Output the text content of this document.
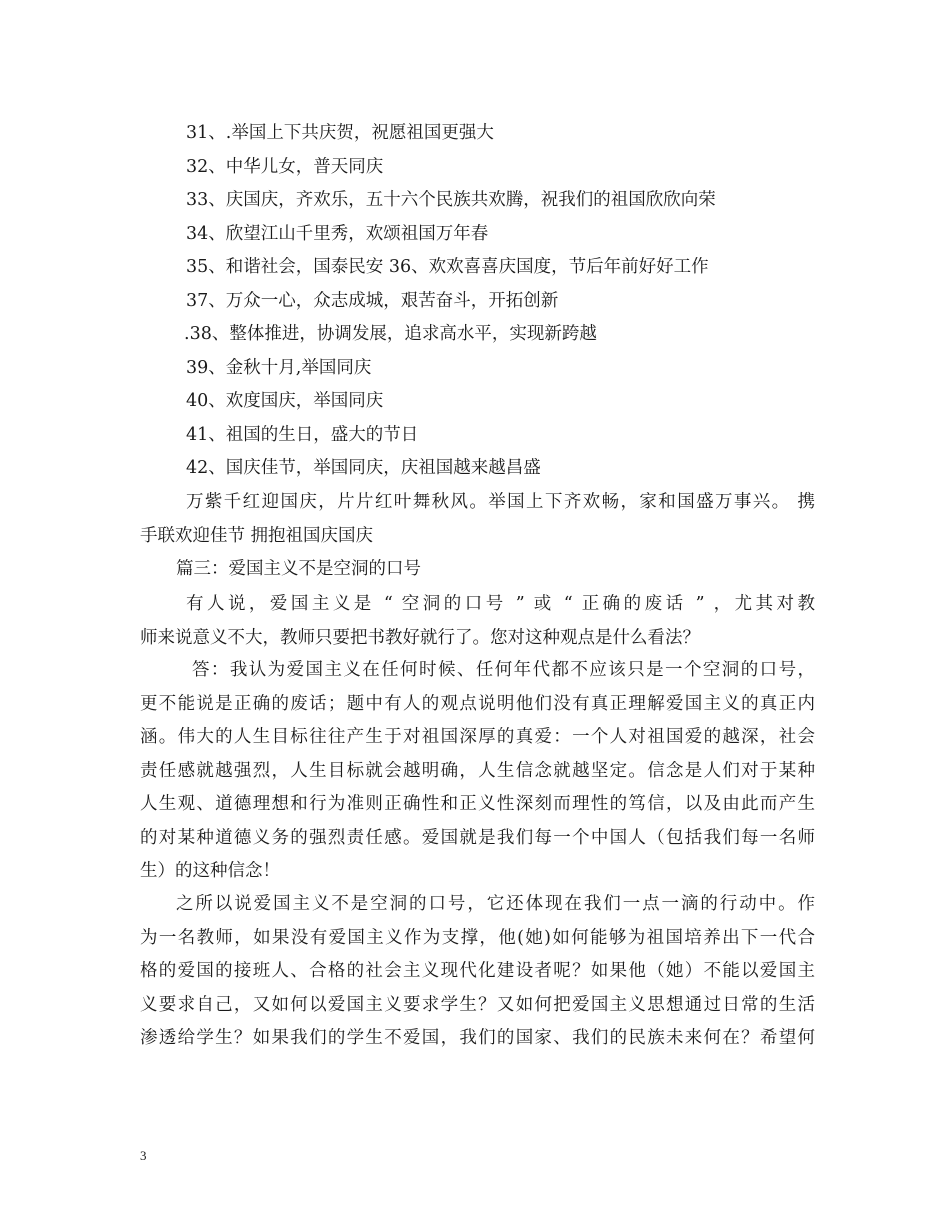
31、.举国上下共庆贺，祝愿祖国更强大
32、中华儿女，普天同庆
33、庆国庆，齐欢乐，五十六个民族共欢腾，祝我们的祖国欣欣向荣
34、欣望江山千里秀，欢颂祖国万年春
35、和谐社会，国泰民安 36、欢欢喜喜庆国度，节后年前好好工作
37、万众一心，众志成城，艰苦奋斗，开拓创新
.38、整体推进，协调发展，追求高水平，实现新跨越
39、金秋十月,举国同庆
40、欢度国庆，举国同庆
41、祖国的生日，盛大的节日
42、国庆佳节，举国同庆，庆祖国越来越昌盛
万紫千红迎国庆，片片红叶舞秋风。举国上下齐欢畅，家和国盛万事兴。 携
手联欢迎佳节 拥抱祖国庆国庆
篇三：爱国主义不是空洞的口号
有人说，爱国主义是 “ 空洞的口号 ” 或 “ 正确的废话 ” ，尤其对教
师来说意义不大，教师只要把书教好就行了。您对这种观点是什么看法？
答：我认为爱国主义在任何时候、任何年代都不应该只是一个空洞的口号，
更不能说是正确的废话；题中有人的观点说明他们没有真正理解爱国主义的真正内
涵。伟大的人生目标往往产生于对祖国深厚的真爱：一个人对祖国爱的越深，社会
责任感就越强烈，人生目标就会越明确，人生信念就越坚定。信念是人们对于某种
人生观、道德理想和行为准则正确性和正义性深刻而理性的笃信，以及由此而产生
的对某种道德义务的强烈责任感。爱国就是我们每一个中国人（包括我们每一名师
生）的这种信念！
之所以说爱国主义不是空洞的口号，它还体现在我们一点一滴的行动中。作
为一名教师，如果没有爱国主义作为支撑，他(她)如何能够为祖国培养出下一代合
格的爱国的接班人、合格的社会主义现代化建设者呢？如果他（她）不能以爱国主
义要求自己，又如何以爱国主义要求学生？又如何把爱国主义思想通过日常的生活
渗透给学生？如果我们的学生不爱国，我们的国家、我们的民族未来何在？希望何
3
